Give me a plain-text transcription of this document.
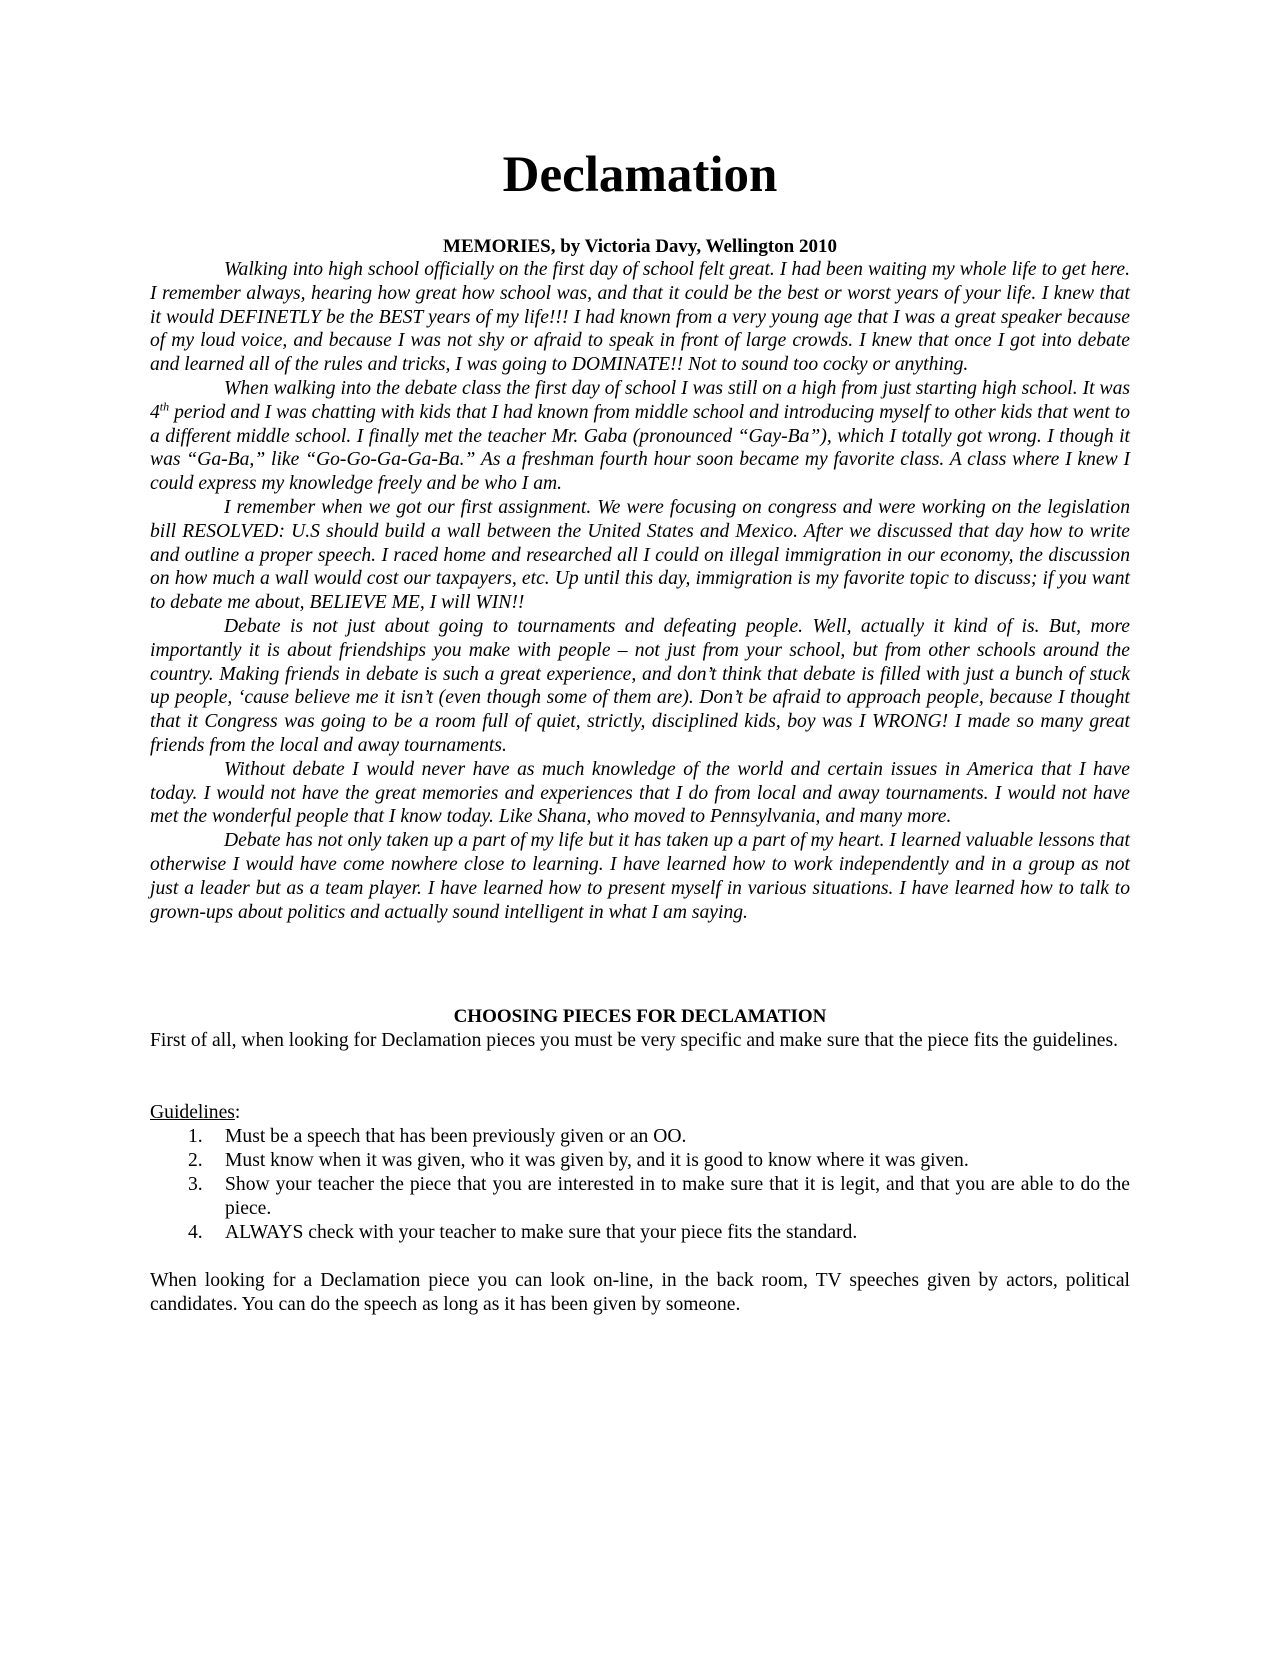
Declamation
MEMORIES, by Victoria Davy, Wellington 2010

Walking into high school officially on the first day of school felt great. I had been waiting my whole life to get here. I remember always, hearing how great how school was, and that it could be the best or worst years of your life. I knew that it would DEFINETLY be the BEST years of my life!!! I had known from a very young age that I was a great speaker because of my loud voice, and because I was not shy or afraid to speak in front of large crowds. I knew that once I got into debate and learned all of the rules and tricks, I was going to DOMINATE!! Not to sound too cocky or anything.

When walking into the debate class the first day of school I was still on a high from just starting high school. It was 4th period and I was chatting with kids that I had known from middle school and introducing myself to other kids that went to a different middle school. I finally met the teacher Mr. Gaba (pronounced “Gay-Ba”), which I totally got wrong. I though it was “Ga-Ba,” like “Go-Go-Ga-Ga-Ba.” As a freshman fourth hour soon became my favorite class. A class where I knew I could express my knowledge freely and be who I am.

I remember when we got our first assignment. We were focusing on congress and were working on the legislation bill RESOLVED: U.S should build a wall between the United States and Mexico. After we discussed that day how to write and outline a proper speech. I raced home and researched all I could on illegal immigration in our economy, the discussion on how much a wall would cost our taxpayers, etc. Up until this day, immigration is my favorite topic to discuss; if you want to debate me about, BELIEVE ME, I will WIN!!

Debate is not just about going to tournaments and defeating people. Well, actually it kind of is. But, more importantly it is about friendships you make with people – not just from your school, but from other schools around the country. Making friends in debate is such a great experience, and don’t think that debate is filled with just a bunch of stuck up people, ‘cause believe me it isn’t (even though some of them are). Don’t be afraid to approach people, because I thought that it Congress was going to be a room full of quiet, strictly, disciplined kids, boy was I WRONG! I made so many great friends from the local and away tournaments.

Without debate I would never have as much knowledge of the world and certain issues in America that I have today. I would not have the great memories and experiences that I do from local and away tournaments. I would not have met the wonderful people that I know today. Like Shana, who moved to Pennsylvania, and many more.

Debate has not only taken up a part of my life but it has taken up a part of my heart. I learned valuable lessons that otherwise I would have come nowhere close to learning. I have learned how to work independently and in a group as not just a leader but as a team player. I have learned how to present myself in various situations. I have learned how to talk to grown-ups about politics and actually sound intelligent in what I am saying.

CHOOSING PIECES FOR DECLAMATION

First of all, when looking for Declamation pieces you must be very specific and make sure that the piece fits the guidelines.

Guidelines:

1. Must be a speech that has been previously given or an OO.
2. Must know when it was given, who it was given by, and it is good to know where it was given.
3. Show your teacher the piece that you are interested in to make sure that it is legit, and that you are able to do the piece.
4. ALWAYS check with your teacher to make sure that your piece fits the standard.

When looking for a Declamation piece you can look on-line, in the back room, TV speeches given by actors, political candidates. You can do the speech as long as it has been given by someone.
